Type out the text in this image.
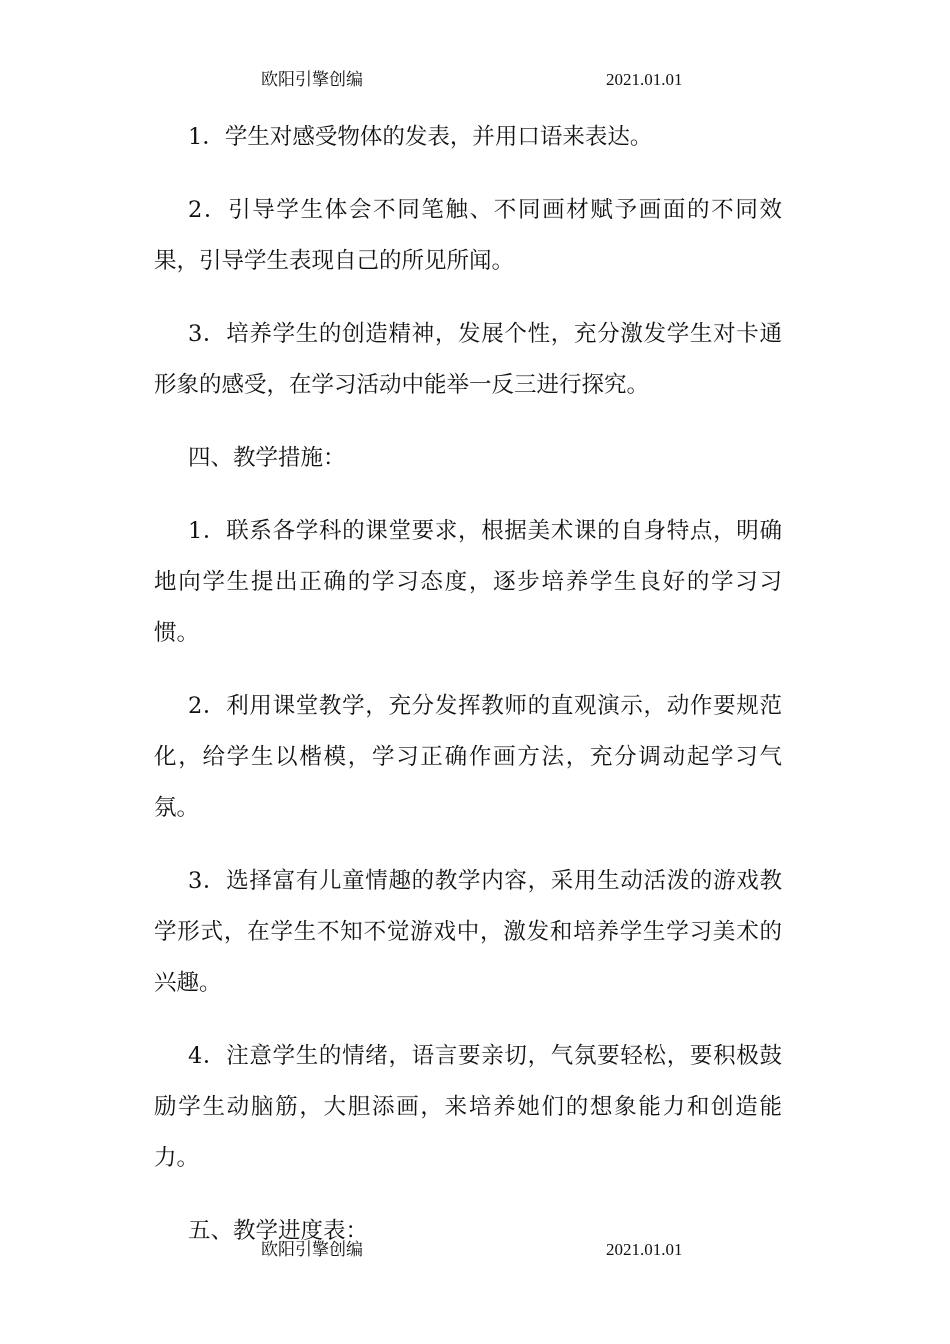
欧阳引擎创编	2021.01.01

1．学生对感受物体的发表，并用口语来表达。

2．引导学生体会不同笔触、不同画材赋予画面的不同效果，引导学生表现自己的所见所闻。

3．培养学生的创造精神，发展个性，充分激发学生对卡通形象的感受，在学习活动中能举一反三进行探究。

四、教学措施：

1．联系各学科的课堂要求，根据美术课的自身特点，明确地向学生提出正确的学习态度，逐步培养学生良好的学习习惯。

2．利用课堂教学，充分发挥教师的直观演示，动作要规范化，给学生以楷模，学习正确作画方法，充分调动起学习气氛。

3．选择富有儿童情趣的教学内容，采用生动活泼的游戏教学形式，在学生不知不觉游戏中，激发和培养学生学习美术的兴趣。

4．注意学生的情绪，语言要亲切，气氛要轻松，要积极鼓励学生动脑筋，大胆添画，来培养她们的想象能力和创造能力。

五、教学进度表：

欧阳引擎创编	2021.01.01
